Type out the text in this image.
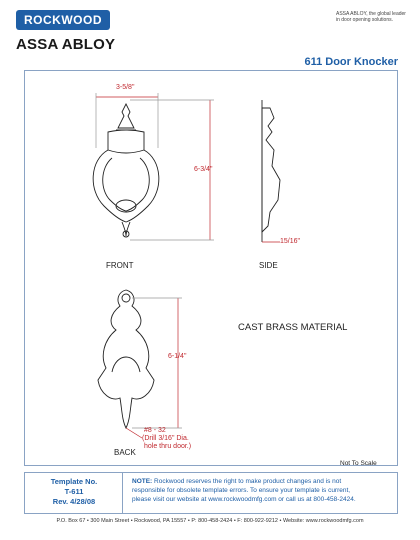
ROCKWOOD
ASSA ABLOY
ASSA ABLOY, the global leader
in door opening solutions.
611 Door Knocker
3-5/8"
6-3/4"
15/16"
FRONT	SIDE
6-1/4"
#8 - 32
(Drill 3/16" Dia.
hole thru door.)
BACK
CAST BRASS MATERIAL
Not To Scale
Template No.
T-611
Rev. 4/28/08
NOTE: Rockwood reserves the right to make product changes and is not
responsible for obsolete template errors. To ensure your template is current,
please visit our website at www.rockwoodmfg.com or call us at 800-458-2424.
P.O. Box 67 • 300 Main Street • Rockwood, PA 15557 • P: 800-458-2424 • F: 800-922-9212 • Website: www.rockwoodmfg.com
